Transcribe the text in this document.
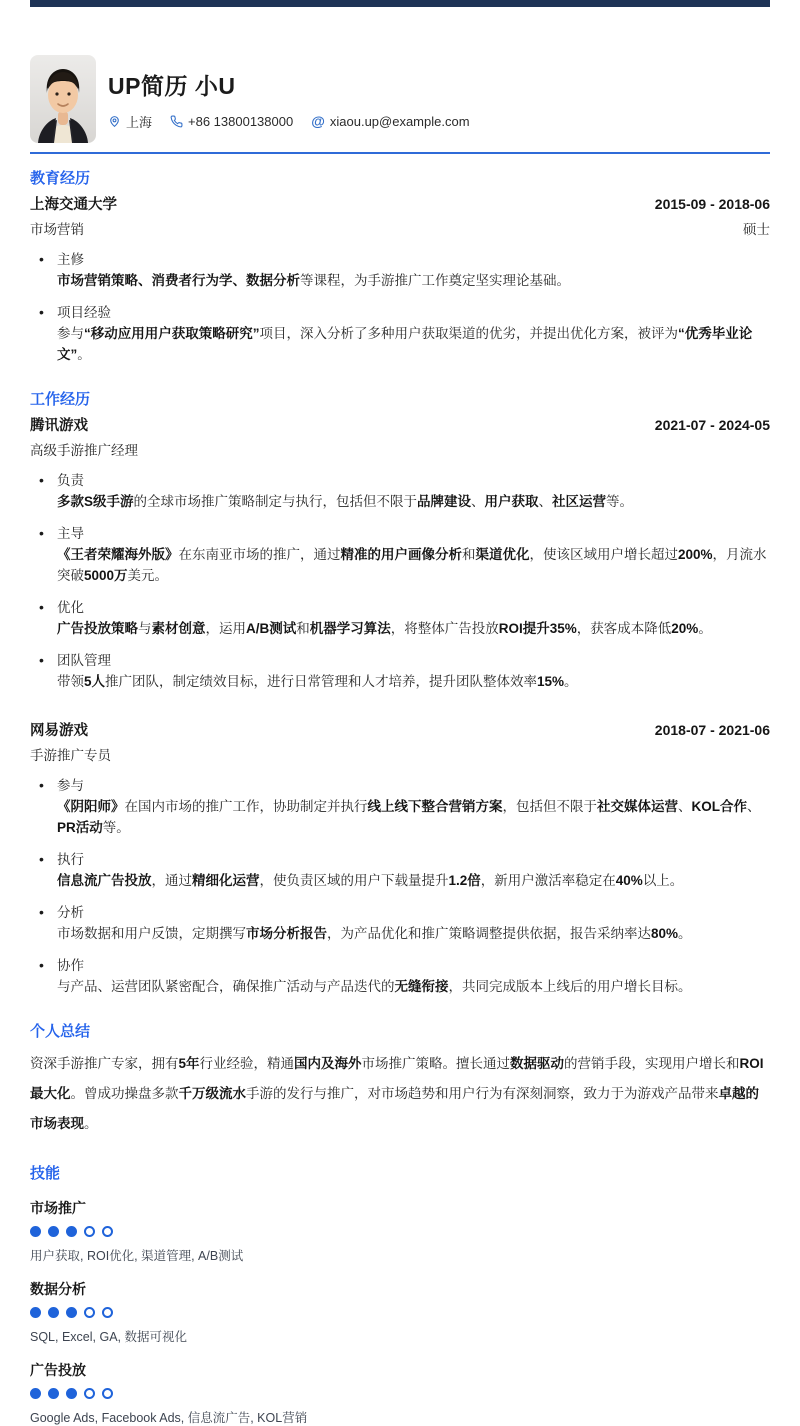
UP简历 小U
上海	+86 13800138000 @ xiaou.up@example.com
教育经历
上海交通大学	2015-09 - 2018-06
市场营销	硕士
• 主修
市场营销策略、消费者行为学、数据分析等课程，为手游推广工作奠定坚实理论基础。
• 项目经验
参与“移动应用用户获取策略研究”项目，深入分析了多种用户获取渠道的优劣，并提出优化方案，被评为“优秀毕业论文”。
工作经历
腾讯游戏	2021-07 - 2024-05
高级手游推广经理
• 负责
多款S级手游的全球市场推广策略制定与执行，包括但不限于品牌建设、用户获取、社区运营等。
• 主导
《王者荣耀海外版》在东南亚市场的推广，通过精准的用户画像分析和渠道优化，使该区域用户增长超过200%，月流水突破5000万美元。
• 优化
广告投放策略与素材创意，运用A/B测试和机器学习算法，将整体广告投放ROI提升35%，获客成本降低20%。
• 团队管理
带领5人推广团队，制定绩效目标，进行日常管理和人才培养，提升团队整体效率15%。
网易游戏	2018-07 - 2021-06
手游推广专员
• 参与
《阴阳师》在国内市场的推广工作，协助制定并执行线上线下整合营销方案，包括但不限于社交媒体运营、KOL合作、PR活动等。
• 执行
信息流广告投放，通过精细化运营，使负责区域的用户下载量提升1.2倍，新用户激活率稳定在40%以上。
• 分析
市场数据和用户反馈，定期撰写市场分析报告，为产品优化和推广策略调整提供依据，报告采纳率达80%。
• 协作
与产品、运营团队紧密配合，确保推广活动与产品迭代的无缝衔接，共同完成版本上线后的用户增长目标。
个人总结

资深手游推广专家，拥有5年行业经验，精通国内及海外市场推广策略。擅长通过数据驱动的营销手段，实现用户增长和ROI最大化。曾成功操盘多款千万级流水手游的发行与推广，对市场趋势和用户行为有深刻洞察，致力于为游戏产品带来卓越的市场表现。

技能
市场推广
用户获取, ROI优化, 渠道管理, A/B测试
数据分析
SQL, Excel, GA, 数据可视化
广告投放
Google Ads, Facebook Ads, 信息流广告, KOL营销
